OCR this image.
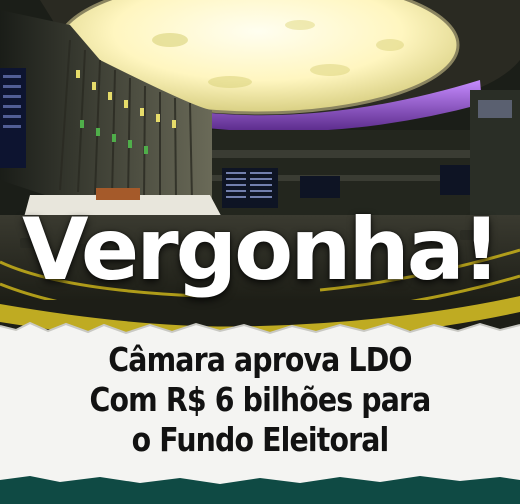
Vergonha!
Câmara aprova LDO
Com R$ 6 bilhões para
o Fundo Eleitoral
